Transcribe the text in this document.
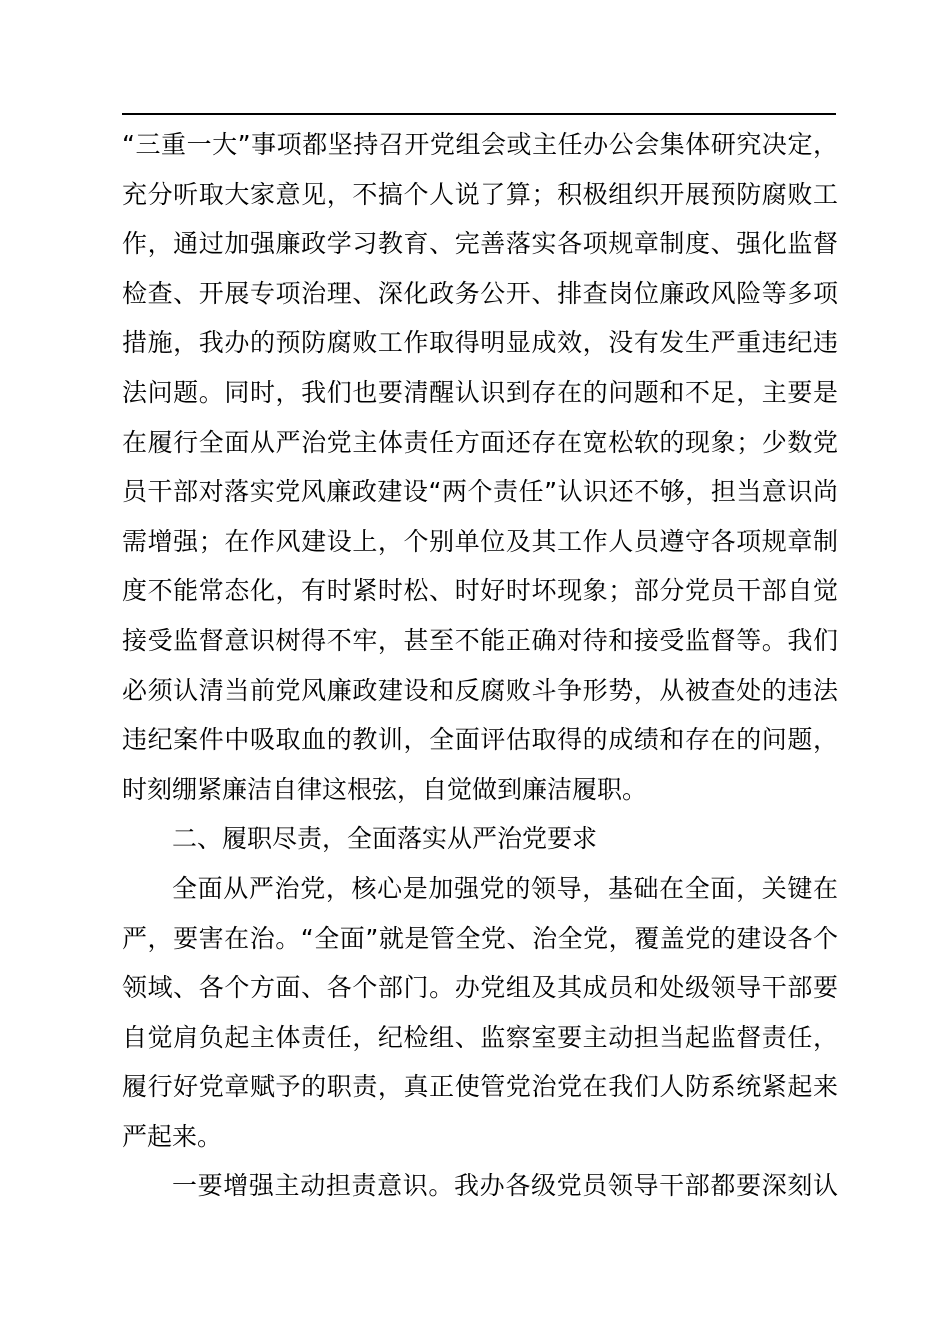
“三重一大”事项都坚持召开党组会或主任办公会集体研究决定，
充分听取大家意见，不搞个人说了算；积极组织开展预防腐败工
作，通过加强廉政学习教育、完善落实各项规章制度、强化监督
检查、开展专项治理、深化政务公开、排查岗位廉政风险等多项
措施，我办的预防腐败工作取得明显成效，没有发生严重违纪违
法问题。同时，我们也要清醒认识到存在的问题和不足，主要是
在履行全面从严治党主体责任方面还存在宽松软的现象；少数党
员干部对落实党风廉政建设“两个责任”认识还不够，担当意识尚
需增强；在作风建设上，个别单位及其工作人员遵守各项规章制
度不能常态化，有时紧时松、时好时坏现象；部分党员干部自觉
接受监督意识树得不牢，甚至不能正确对待和接受监督等。我们
必须认清当前党风廉政建设和反腐败斗争形势，从被查处的违法
违纪案件中吸取血的教训，全面评估取得的成绩和存在的问题，
时刻绷紧廉洁自律这根弦，自觉做到廉洁履职。
二、履职尽责，全面落实从严治党要求
全面从严治党，核心是加强党的领导，基础在全面，关键在
严，要害在治。“全面”就是管全党、治全党，覆盖党的建设各个
领域、各个方面、各个部门。办党组及其成员和处级领导干部要
自觉肩负起主体责任，纪检组、监察室要主动担当起监督责任，
履行好党章赋予的职责，真正使管党治党在我们人防系统紧起来
严起来。
一要增强主动担责意识。我办各级党员领导干部都要深刻认
